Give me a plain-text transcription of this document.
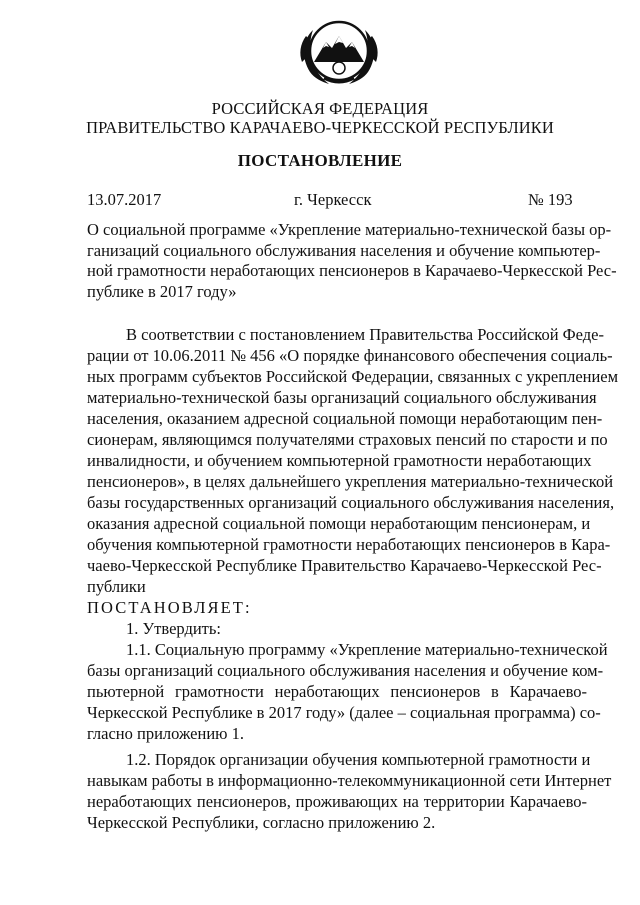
РОССИЙСКАЯ ФЕДЕРАЦИЯ
ПРАВИТЕЛЬСТВО КАРАЧАЕВО-ЧЕРКЕССКОЙ РЕСПУБЛИКИ
ПОСТАНОВЛЕНИЕ
13.07.2017	г. Черкесск	№ 193
О социальной программе «Укрепление материально-технической базы ор-
ганизаций социального обслуживания населения и обучение компьютер-
ной грамотности неработающих пенсионеров в Карачаево-Черкесской Рес-
публике в 2017 году»
В соответствии с постановлением Правительства Российской Феде-
рации от 10.06.2011 № 456 «О порядке финансового обеспечения социаль-
ных программ субъектов Российской Федерации, связанных с укреплением
материально-технической базы организаций социального обслуживания
населения, оказанием адресной социальной помощи неработающим пен-
сионерам, являющимся получателями страховых пенсий по старости и по
инвалидности, и обучением компьютерной грамотности неработающих
пенсионеров», в целях дальнейшего укрепления материально-технической
базы государственных организаций социального обслуживания населения,
оказания адресной социальной помощи неработающим пенсионерам, и
обучения компьютерной грамотности неработающих пенсионеров в Кара-
чаево-Черкесской Республике Правительство Карачаево-Черкесской Рес-
публики
ПОСТАНОВЛЯЕТ:
1. Утвердить:
1.1. Социальную программу «Укрепление материально-технической
базы организаций социального обслуживания населения и обучение ком-
пьютерной грамотности неработающих пенсионеров в Карачаево-
Черкесской Республике в 2017 году» (далее – социальная программа) со-
гласно приложению 1.
1.2. Порядок организации обучения компьютерной грамотности и
навыкам работы в информационно-телекоммуникационной сети Интернет
неработающих пенсионеров, проживающих на территории Карачаево-
Черкесской Республики, согласно приложению 2.
